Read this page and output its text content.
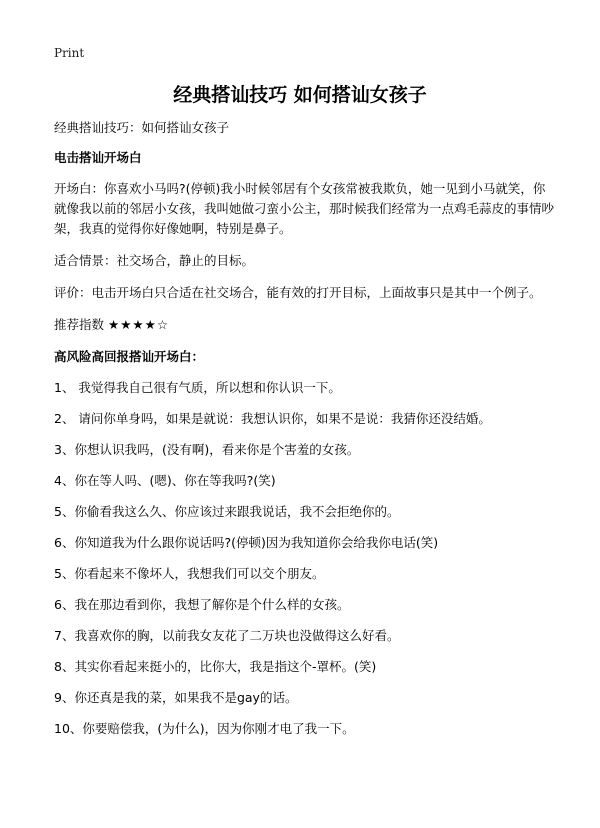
Print
经典搭讪技巧 如何搭讪女孩子

经典搭讪技巧：如何搭讪女孩子

电击搭讪开场白

开场白：你喜欢小马吗?(停顿)我小时候邻居有个女孩常被我欺负，她一见到小马就笑，你就像我以前的邻居小女孩，我叫她做刁蛮小公主，那时候我们经常为一点鸡毛蒜皮的事情吵架，我真的觉得你好像她啊，特别是鼻子。

适合情景：社交场合，静止的目标。

评价：电击开场白只合适在社交场合，能有效的打开目标，上面故事只是其中一个例子。

推荐指数 ★★★★☆

高风险高回报搭讪开场白：

1、 我觉得我自己很有气质，所以想和你认识一下。

2、 请问你单身吗，如果是就说：我想认识你，如果不是说：我猜你还没结婚。

3、你想认识我吗，(没有啊)，看来你是个害羞的女孩。

4、你在等人吗、(嗯)、你在等我吗?(笑)

5、你偷看我这么久、你应该过来跟我说话，我不会拒绝你的。

6、你知道我为什么跟你说话吗?(停顿)因为我知道你会给我你电话(笑)

5、你看起来不像坏人，我想我们可以交个朋友。

6、我在那边看到你，我想了解你是个什么样的女孩。

7、我喜欢你的胸，以前我女友花了二万块也没做得这么好看。

8、其实你看起来挺小的，比你大，我是指这个-罩杯。(笑)

9、你还真是我的菜，如果我不是gay的话。

10、你要赔偿我，(为什么)，因为你刚才电了我一下。
